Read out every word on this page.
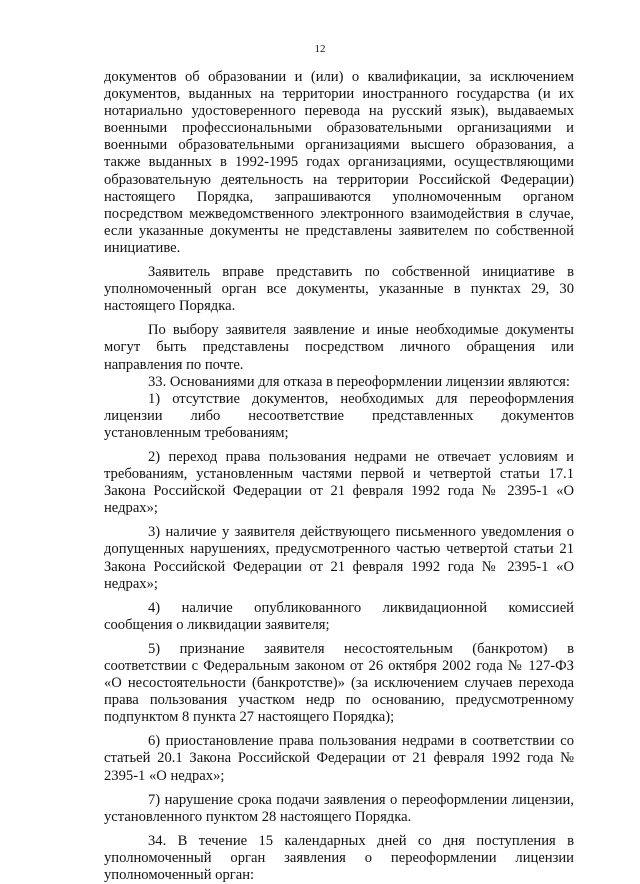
12

документов об образовании и (или) о квалификации, за исключением документов, выданных на территории иностранного государства (и их нотариально удостоверенного перевода на русский язык), выдаваемых военными профессиональными образовательными организациями и военными образовательными организациями высшего образования, а также выданных в 1992-1995 годах организациями, осуществляющими образовательную деятельность на территории Российской Федерации) настоящего Порядка, запрашиваются уполномоченным органом посредством межведомственного электронного взаимодействия в случае, если указанные документы не представлены заявителем по собственной инициативе.

Заявитель вправе представить по собственной инициативе в уполномоченный орган все документы, указанные в пунктах 29, 30 настоящего Порядка.

По выбору заявителя заявление и иные необходимые документы могут быть представлены посредством личного обращения или направления по почте.

33. Основаниями для отказа в переоформлении лицензии являются:

1) отсутствие документов, необходимых для переоформления лицензии либо несоответствие представленных документов установленным требованиям;

2) переход права пользования недрами не отвечает условиям и требованиям, установленным частями первой и четвертой статьи 17.1 Закона Российской Федерации от 21 февраля 1992 года № 2395-1 «О недрах»;

3) наличие у заявителя действующего письменного уведомления о допущенных нарушениях, предусмотренного частью четвертой статьи 21 Закона Российской Федерации от 21 февраля 1992 года № 2395-1 «О недрах»;

4) наличие опубликованного ликвидационной комиссией сообщения о ликвидации заявителя;

5) признание заявителя несостоятельным (банкротом) в соответствии с Федеральным законом от 26 октября 2002 года № 127-ФЗ «О несостоятельности (банкротстве)» (за исключением случаев перехода права пользования участком недр по основанию, предусмотренному подпунктом 8 пункта 27 настоящего Порядка);

6) приостановление права пользования недрами в соответствии со статьей 20.1 Закона Российской Федерации от 21 февраля 1992 года № 2395-1 «О недрах»;

7) нарушение срока подачи заявления о переоформлении лицензии, установленного пунктом 28 настоящего Порядка.

34. В течение 15 календарных дней со дня поступления в уполномоченный орган заявления о переоформлении лицензии уполномоченный орган:
